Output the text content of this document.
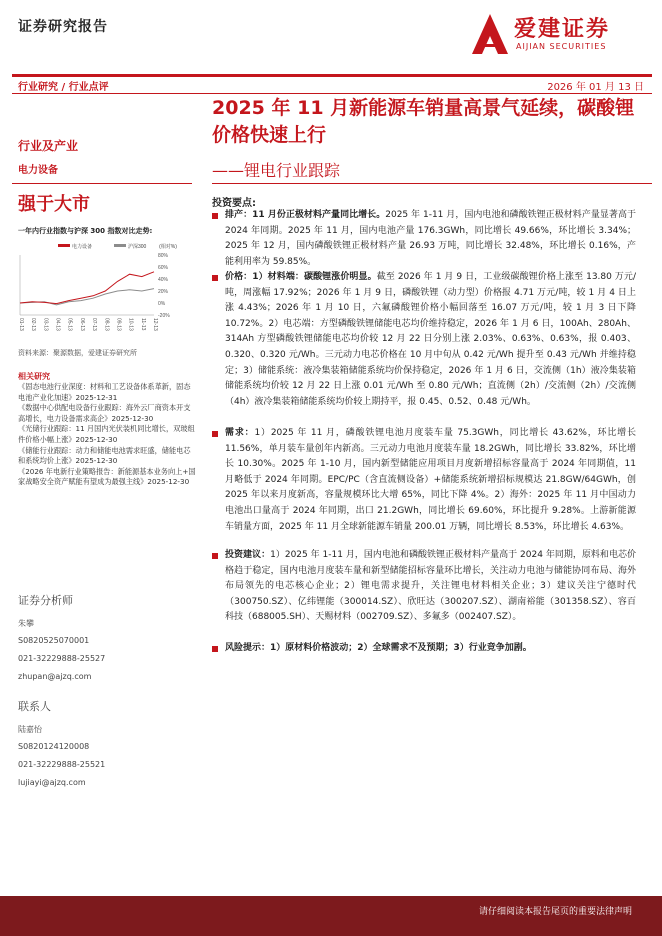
证券研究报告	爱建证券
AIJIAN SECURITIES
行业研究 / 行业点评	2026 年 01 月 13 日
2025 年 11 月新能源车销量高景气延续，碳酸锂价格快速上行
——锂电行业跟踪
行业及产业
电力设备
强于大市
一年内行业指数与沪深 300 指数对比走势:
电力设备	沪深300	(相对%)
80%
60%
40%
20%
0%
-20%
01-13 02-13 03-13 04-13 05-13 06-13 07-13 08-13 09-13 10-13 11-13 12-13
资料来源：聚源数据，爱建证券研究所
相关研究

《固态电池行业深度：材料和工艺设备体系革新，固态电池产业化加速》2025-12-31

《数据中心供配电设备行业跟踪：海外云厂商资本开支高增长，电力设备需求高企》2025-12-30

《光储行业跟踪：11 月国内光伏装机同比增长，双玻组件价格小幅上涨》2025-12-30

《储能行业跟踪：动力和储能电池需求旺盛，储能电芯和系统均价上涨》2025-12-30

《2026 年电新行业策略报告：新能源基本业务向上+国家战略安全资产赋能有望成为最强主线》2025-12-30

证券分析师
朱攀
S0820525070001
021-32229888-25527
zhupan@ajzq.com
联系人
陆嘉怡
S0820124120008
021-32229888-25521
lujiayi@ajzq.com
投资要点:
排产：11 月份正极材料产量同比增长。2025 年 1-11 月，国内电池和磷酸铁锂正极材料产量显著高于 2024 年同期。2025 年 11 月，国内电池产量 176.3GWh，同比增长 49.66%，环比增长 3.34%；2025 年 12 月，国内磷酸铁锂正极材料产量 26.93 万吨，同比增长 32.48%，环比增长 0.16%，产能利用率为 59.85%。
价格：1）材料端：碳酸锂涨价明显。截至 2026 年 1 月 9 日，工业级碳酸锂价格上涨至 13.80 万元/吨，周涨幅 17.92%；2026 年 1 月 9 日，磷酸铁锂（动力型）价格报 4.71 万元/吨，较 1 月 4 日上涨 4.43%；2026 年 1 月 10 日，六氟磷酸锂价格小幅回落至 16.07 万元/吨，较 1 月 3 日下降 10.72%。2）电芯端：方型磷酸铁锂储能电芯均价维持稳定，2026 年 1 月 6 日，100Ah、280Ah、314Ah 方型磷酸铁锂储能电芯均价较 12 月 22 日分别上涨 2.03%、0.63%、0.63%，报 0.403、0.320、0.320 元/Wh。三元动力电芯价格在 10 月中旬从 0.42 元/Wh 提升至 0.43 元/Wh 并维持稳定；3）储能系统：液冷集装箱储能系统均价保持稳定，2026 年 1 月 6 日，交流侧（1h）液冷集装箱储能系统均价较 12 月 22 日上涨 0.01 元/Wh 至 0.80 元/Wh；直流侧（2h）/交流侧（2h）/交流侧（4h）液冷集装箱储能系统均价较上期持平，报 0.45、0.52、0.48 元/Wh。
需求：1）2025 年 11 月，磷酸铁锂电池月度装车量 75.3GWh，同比增长 43.62%，环比增长 11.56%，单月装车量创年内新高。三元动力电池月度装车量 18.2GWh，同比增长 33.82%，环比增长 10.30%。2025 年 1-10 月，国内新型储能应用项目月度新增招标容量高于 2024 年同期值，11 月略低于 2024 年同期。EPC/PC（含直流侧设备）+储能系统新增招标规模达 21.8GW/64GWh，创 2025 年以来月度新高，容量规模环比大增 65%，同比下降 4%。2）海外：2025 年 11 月中国动力电池出口量高于 2024 年同期，出口 21.2GWh，同比增长 69.60%，环比提升 9.28%。上游新能源车销量方面，2025 年 11 月全球新能源车销量 200.01 万辆，同比增长 8.53%，环比增长 4.63%。
投资建议：1）2025 年 1-11 月，国内电池和磷酸铁锂正极材料产量高于 2024 年同期，原料和电芯价格趋于稳定，国内电池月度装车量和新型储能招标容量环比增长，关注动力电池与储能协同布局、海外布局领先的电芯核心企业；2）锂电需求提升，关注锂电材料相关企业；3）建议关注宁德时代（300750.SZ）、亿纬锂能（300014.SZ）、欣旺达（300207.SZ）、湖南裕能（301358.SZ）、容百科技（688005.SH）、天赐材料（002709.SZ）、多氟多（002407.SZ）。
风险提示：1）原材料价格波动；2）全球需求不及预期；3）行业竞争加剧。
请仔细阅读本报告尾页的重要法律声明
